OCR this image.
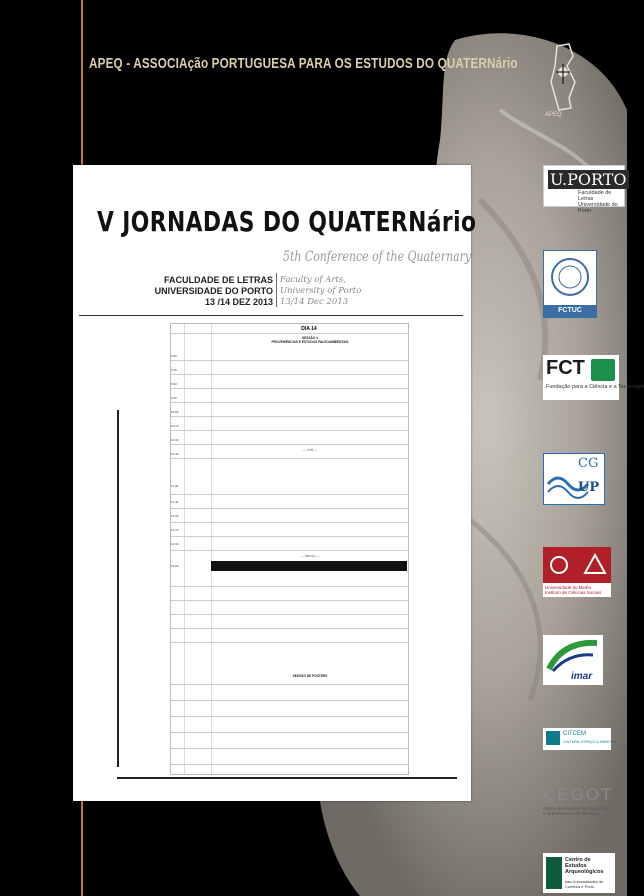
APEQ - ASSOCIAção PORTUGUESA PARA OS ESTUDOS DO QUATERNário
V JORNADAS DO QUATERNário
5th Conference of the Quaternary
FACULDADE DE LETRAS
UNIVERSIDADE DO PORTO
13 /14 DEZ 2013
Faculty of Arts,
University of Porto
13/14 Dec 2013
DIA 14
SESSÃO 4
PROVENIÊNCIAS E ESTUDOS PALEOAMBIENTAIS
9:00
9:15
9:30
9:45
10:00
10:15
10:30
— Café —
10:45
11:30
11:45
12:00
12:15
12:30
— Almoço —
13:00
SESSÃO DE POSTERS
APEQ
U.PORTO
Faculdade de Letras
Universidade do Porto
FCTUC
FCT
Fundação para a Ciência e a Tecnologia
CG
UP
Universidade do Minho
Instituto de Ciências Sociais
imar
CITCEM
CULTURA, ESPAÇO & MEMÓRIA
CEGOT
Centro de Estudos de Geografia
e Ordenamento do Território
Centro de
Estudos
Arqueológicos
das Universidades de
Coimbra e Porto
